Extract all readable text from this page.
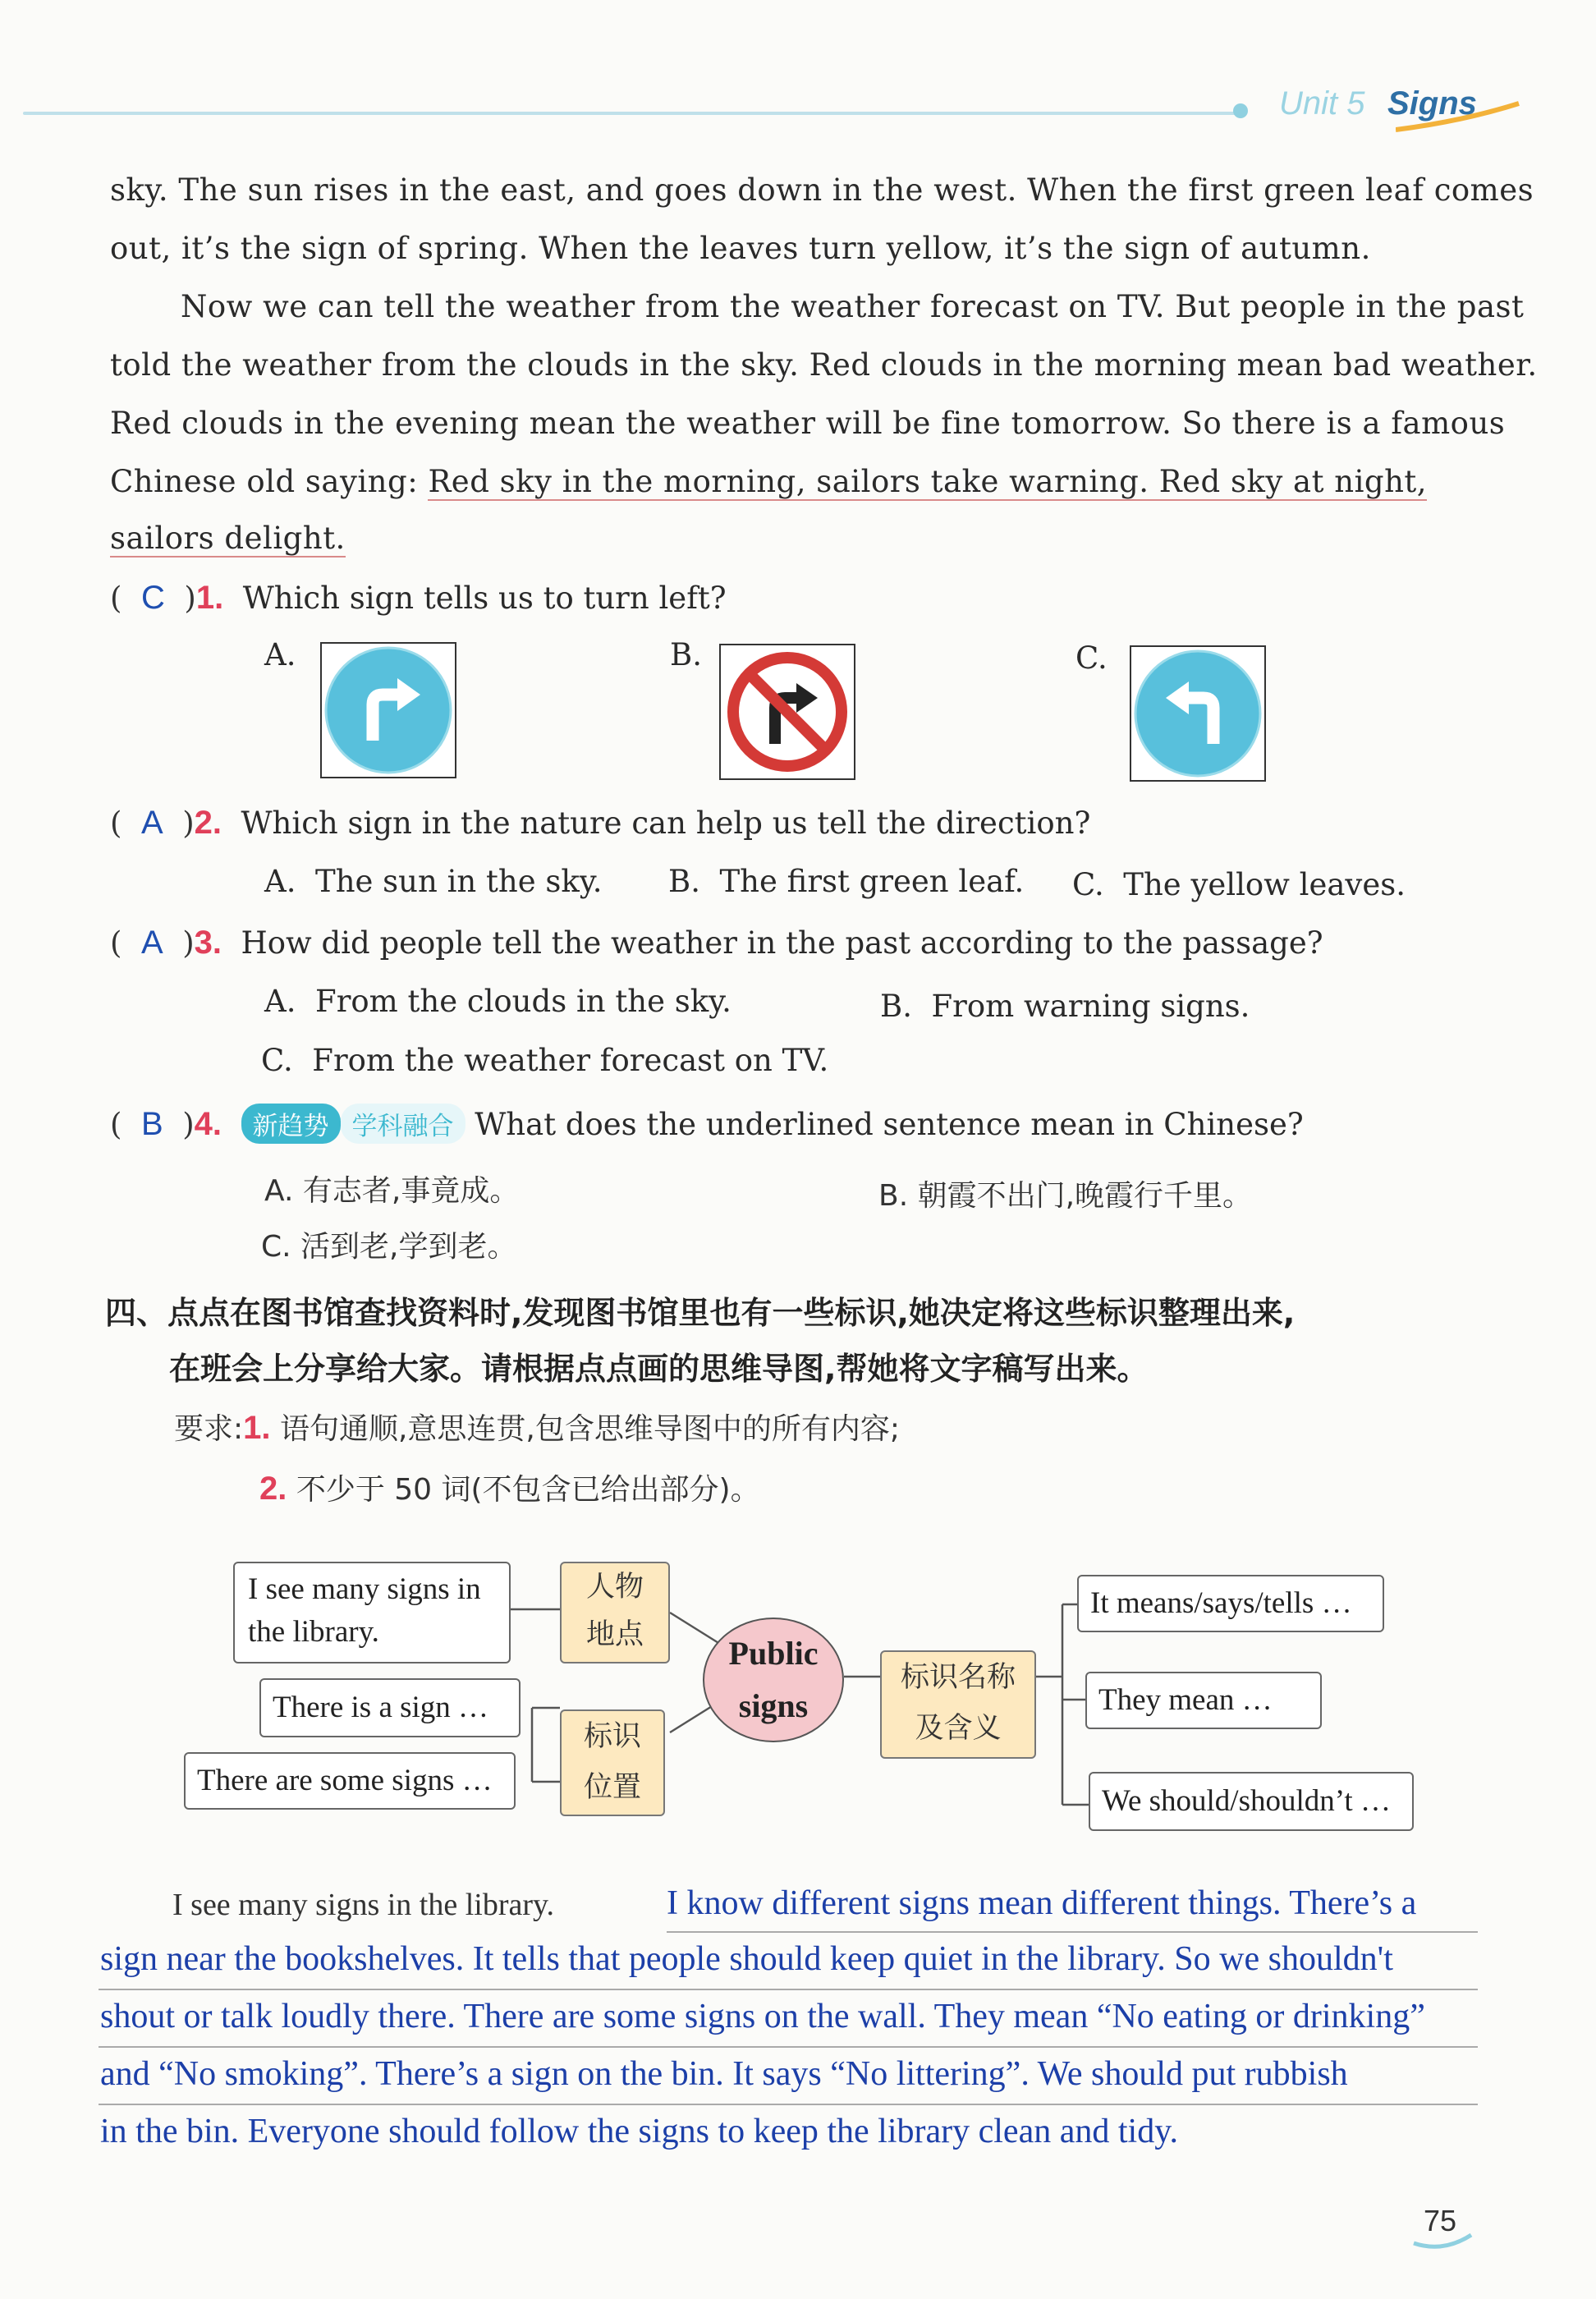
Unit 5 Signs
sky. The sun rises in the east, and goes down in the west. When the first green leaf comes
out, it’s the sign of spring. When the leaves turn yellow, it’s the sign of autumn.
Now we can tell the weather from the weather forecast on TV. But people in the past
told the weather from the clouds in the sky. Red clouds in the morning mean bad weather.
Red clouds in the evening mean the weather will be fine tomorrow. So there is a famous
Chinese old saying: Red sky in the morning, sailors take warning. Red sky at night,
sailors delight.
( C )1. Which sign tells us to turn left?
A.	B.	C.
( A )2. Which sign in the nature can help us tell the direction?
A. The sun in the sky. B. The first green leaf. C. The yellow leaves.
( A )3. How did people tell the weather in the past according to the passage?
A. From the clouds in the sky.	B. From warning signs.
C. From the weather forecast on TV.
( B )4. 新趋势 学科融合 What does the underlined sentence mean in Chinese?
A. 有志者,事竟成。	B. 朝霞不出门,晚霞行千里。
C. 活到老,学到老。
四、点点在图书馆查找资料时,发现图书馆里也有一些标识,她决定将这些标识整理出来,
在班会上分享给大家。请根据点点画的思维导图,帮她将文字稿写出来。
要求:1. 语句通顺,意思连贯,包含思维导图中的所有内容;
2. 不少于 50 词(不包含已给出部分)。
I see many signs in the library.
人物
地点
There is a sign …
There are some signs …
标识
位置
Public
signs
标识名称
及含义
It means/says/tells …
They mean …
We should/shouldn’t …
I see many signs in the library.	I know different signs mean different things. There’s a
sign near the bookshelves. It tells that people should keep quiet in the library. So we shouldn't
shout or talk loudly there. There are some signs on the wall. They mean “No eating or drinking”
and “No smoking”. There’s a sign on the bin. It says “No littering”. We should put rubbish
in the bin. Everyone should follow the signs to keep the library clean and tidy.
75
